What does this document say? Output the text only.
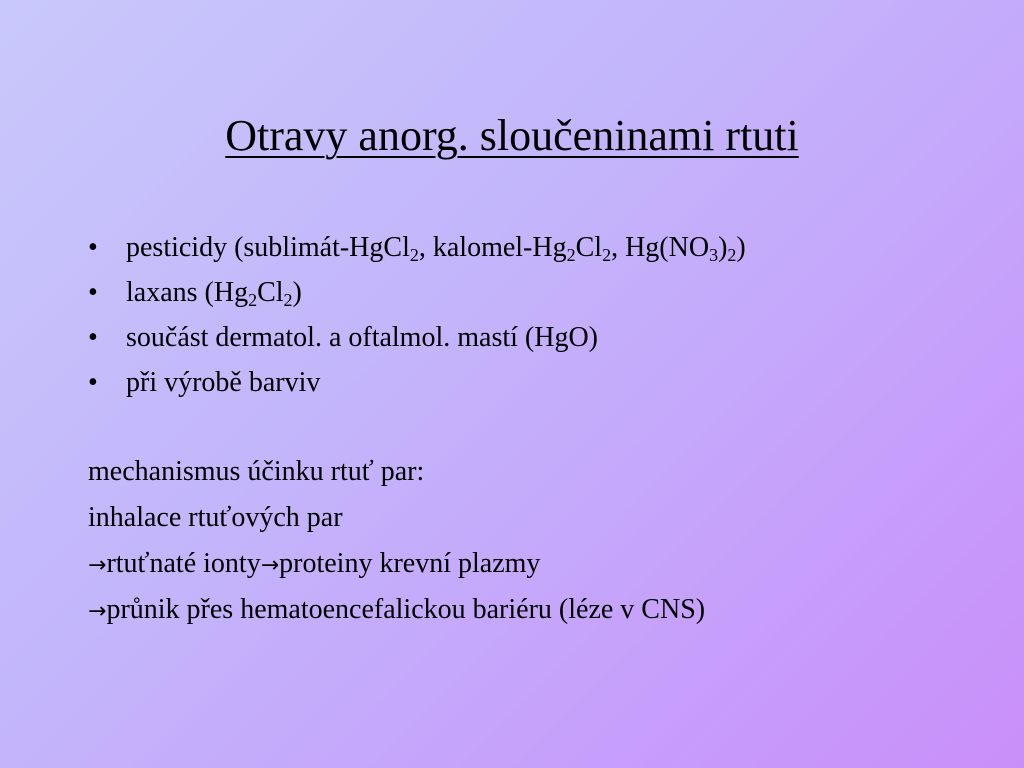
Otravy anorg. sloučeninami rtuti
• pesticidy (sublimát-HgCl$_2$, kalomel-$Hg_2Cl_2$, $Hg(NO_3)_2$)
• laxans $(Hg_2Cl_2)$
• součást dermatol. a oftalmol. mastí (HgO)
• při výrobě barviv
mechanismus účinku rtuť par:
inhalace rtuťových par
→rtuťnaté ionty→proteiny krevní plazmy
→průnik přes hematoencefalickou bariéru (léze v CNS)
